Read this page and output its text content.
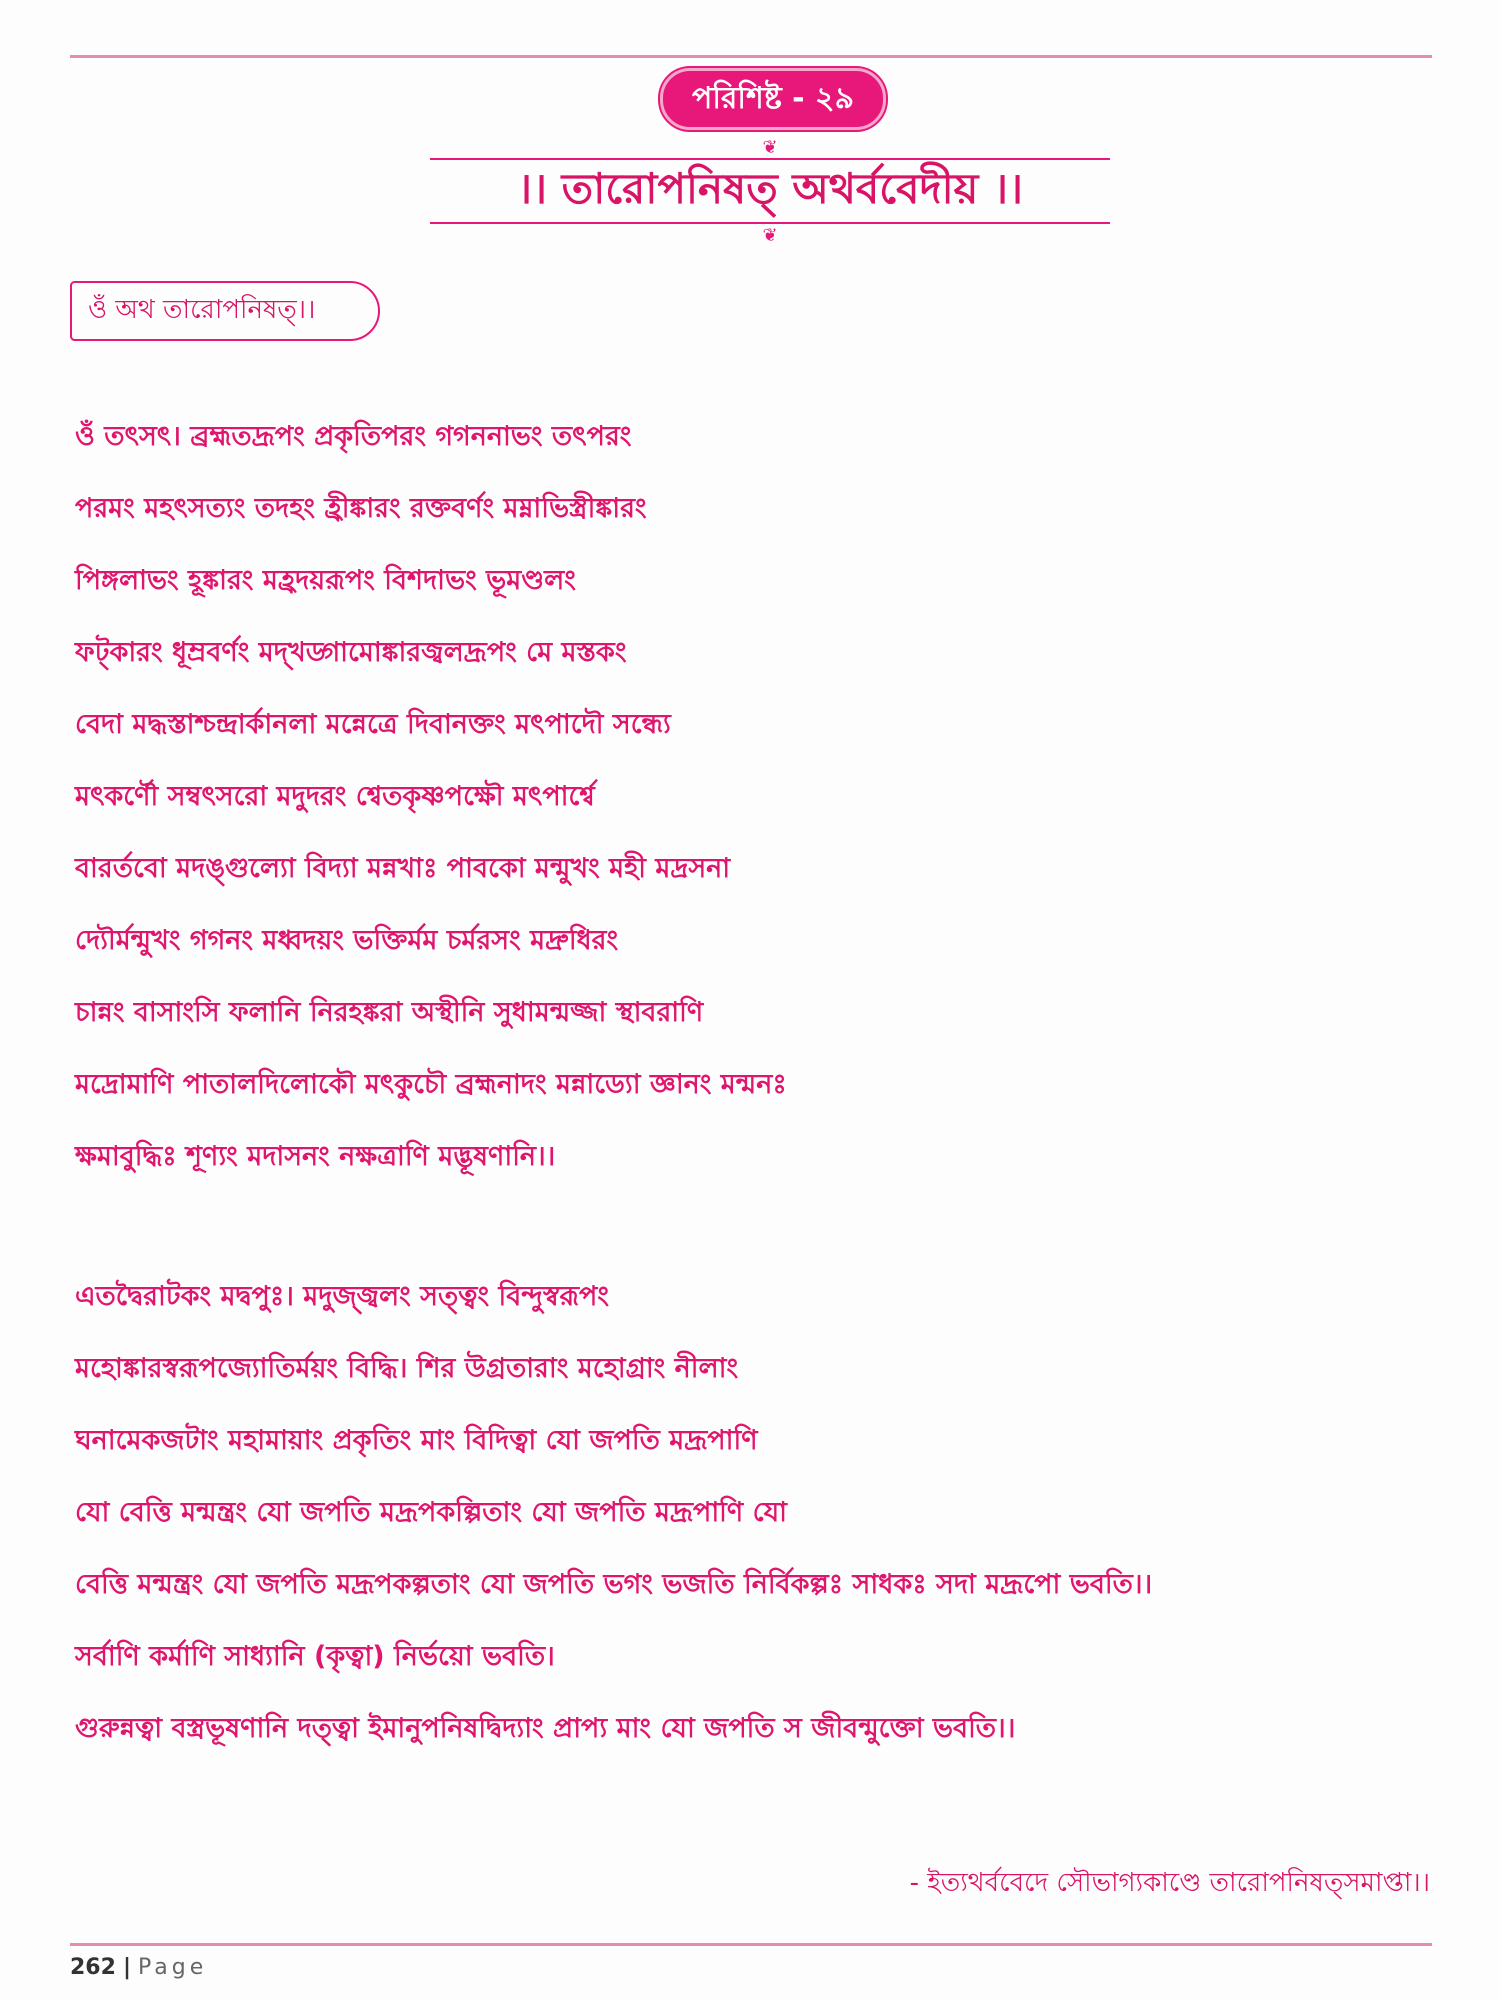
পরিশিষ্ট - ২৯
❦
।। তারোপনিষত্ অথর্ববেদীয় ।।
❦
ওঁ অথ তারোপনিষত্।।
ওঁ তৎসৎ। ব্রহ্মতদ্রূপং প্রকৃতিপরং গগননাভং তৎপরং
পরমং মহৎসত্যং তদহং হ্রীঙ্কারং রক্তবর্ণং মম্নাভিস্ত্রীঙ্কারং
পিঙ্গলাভং হূঙ্কারং মহ্রদয়রূপং বিশদাভং ভূমণ্ডলং
ফট্কারং ধূম্রবর্ণং মদ্‌খড্গামোঙ্কারজ্বলদ্রূপং মে মস্তকং
বেদা মদ্ধস্তাশ্চন্দ্রার্কানলা মন্নেত্রে দিবানক্তং মৎপাদৌ সন্ধ্যে
মৎকর্ণৌ সম্বৎসরো মদুদরং শ্বেতকৃষ্ণপক্ষৌ মৎপার্শ্বে
বারর্তবো মদঙ্গুল্যো বিদ্যা মন্নখাঃ পাবকো মন্মুখং মহী মদ্রসনা
দ্যৌর্মন্মুখং গগনং মধ্বদয়ং ভক্তির্মম চর্মরসং মদ্রুধিরং
চান্নং বাসাংসি ফলানি নিরহঙ্করা অস্থীনি সুধামন্মজ্জা স্থাবরাণি
মদ্রোমাণি পাতালদিলোকৌ মৎকুচৌ ব্রহ্মনাদং মন্নাড্যো জ্ঞানং মন্মনঃ
ক্ষমাবুদ্ধিঃ শূণ্যং মদাসনং নক্ষত্রাণি মদ্ভূষণানি।।
এতদ্বৈরাটকং মদ্বপুঃ। মদুজ্জ্বলং সত্ত্বং বিন্দুস্বরূপং
মহোঙ্কারস্বরূপজ্যোতির্ময়ং বিদ্ধি। শির উগ্রতারাং মহোগ্রাং নীলাং
ঘনামেকজটাং মহামায়াং প্রকৃতিং মাং বিদিত্বা যো জপতি মদ্রূপাণি
যো বেত্তি মন্মন্ত্রং যো জপতি মদ্রূপকল্পিতাং যো জপতি মদ্রূপাণি যো
বেত্তি মন্মন্ত্রং যো জপতি মদ্রূপকল্পতাং যো জপতি ভগং ভজতি নির্বিকল্পঃ সাধকঃ সদা মদ্রূপো ভবতি।।
সর্বাণি কর্মাণি সাধ্যানি (কৃত্বা) নির্ভয়ো ভবতি।
গুরুন্নত্বা বস্ত্রভূষণানি দত্ত্বা ইমানুপনিষদ্বিদ্যাং প্রাপ্য মাং যো জপতি স জীবন্মুক্তো ভবতি।।
- ইত্যথর্ববেদে সৌভাগ্যকাণ্ডে তারোপনিষত্সমাপ্তা।।
262 | Page
